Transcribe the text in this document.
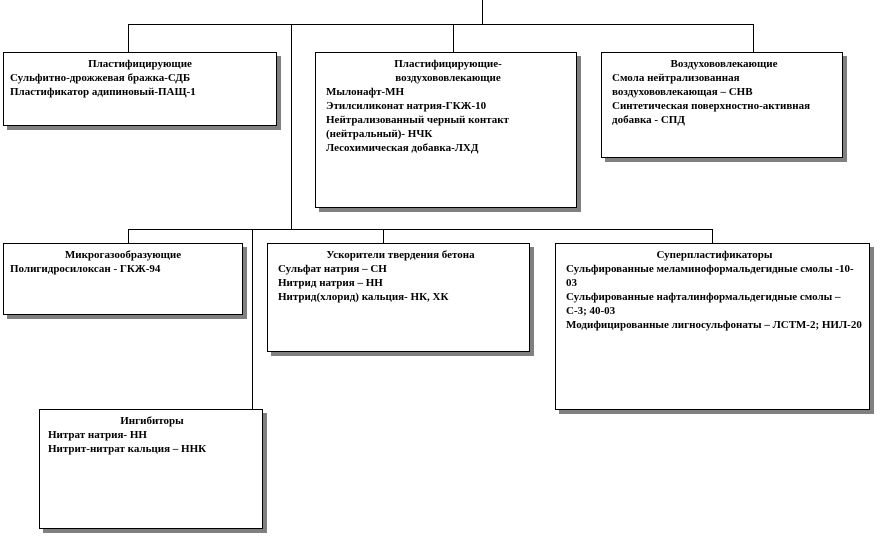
Пластифицирующие
Сульфитно-дрожжевая бражка-СДБ
Пластификатор адипиновый-ПАЩ-1
Пластифицирующие-
воздухововлекающие
Мылонафт-МН
Этилсиликонат натрия-ГКЖ-10
Нейтрализованный черный контакт (нейтральный)- НЧК
Лесохимическая добавка-ЛХД
Воздухововлекающие
Смола нейтрализованная воздухововлекающая – СНВ
Синтетическая поверхностно-активная добавка - СПД
Микрогазообразующие
Полигидросилоксан - ГКЖ-94
Ускорители твердения бетона
Сульфат натрия – СН
Нитрид натрия – НН
Нитрид(хлорид) кальция- НК, ХК
Суперпластификаторы
Сульфированные меламиноформальдегидные смолы -10-03
Сульфированные нафталинформальдегидные смолы – С-3; 40-03
Модифицированные лигносульфонаты – ЛСТМ-2; НИЛ-20
Ингибиторы
Нитрат натрия- НН
Нитрит-нитрат кальция – ННК
